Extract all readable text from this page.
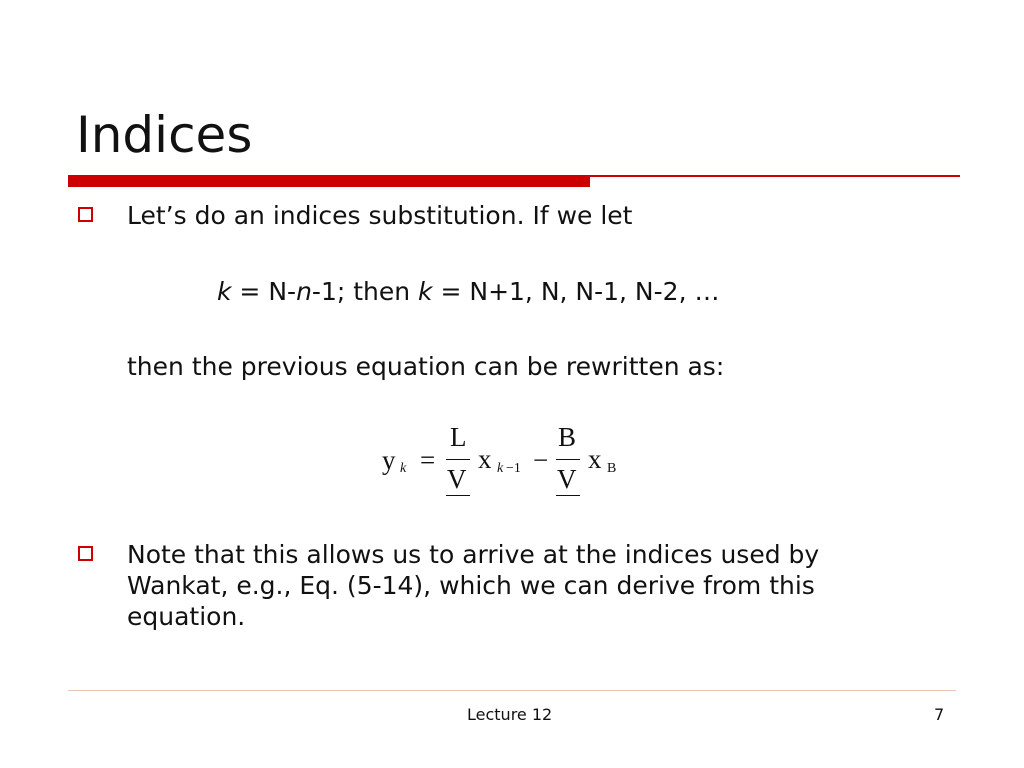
Indices
Let’s do an indices substitution. If we let
k = N-n-1; then k = N+1, N, N-1, N-2, …
then the previous equation can be rewritten as:
y k =
L
V
x k −1 −
B
V
x B
Note that this allows us to arrive at the indices used by
Wankat, e.g., Eq. (5-14), which we can derive from this
equation.
Lecture 12	7
